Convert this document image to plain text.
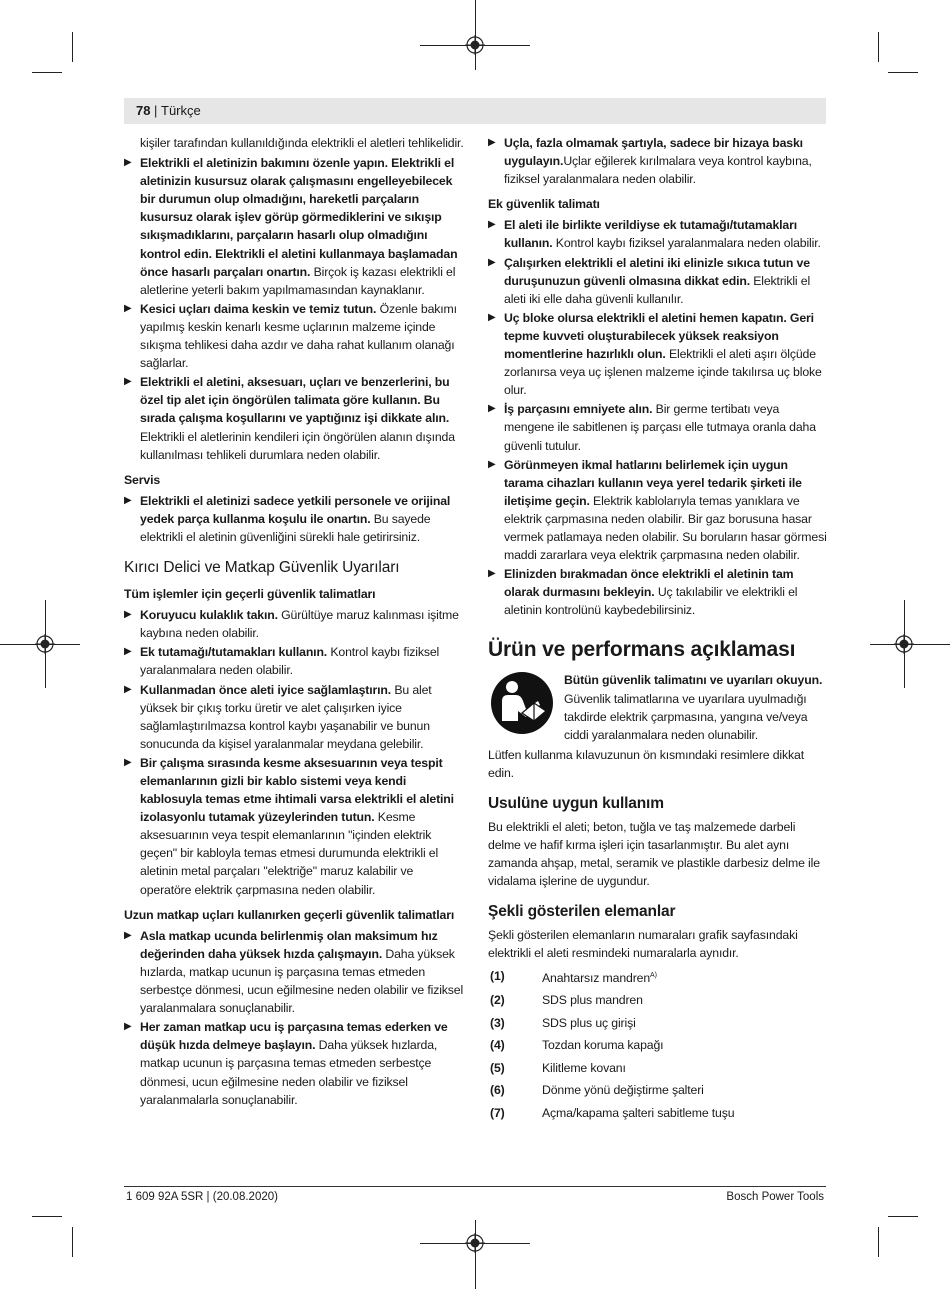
78 | Türkçe
kişiler tarafından kullanıldığında elektrikli el aletleri tehlikelidir.
▶ Elektrikli el aletinizin bakımını özenle yapın. Elektrikli el aletinizin kusursuz olarak çalışmasını engelleyebilecek bir durumun olup olmadığını, hareketli parçaların kusursuz olarak işlev görüp görmediklerini ve sıkışıp sıkışmadıklarını, parçaların hasarlı olup olmadığını kontrol edin. Elektrikli el aletini kullanmaya başlamadan önce hasarlı parçaları onartın. Birçok iş kazası elektrikli el aletlerine yeterli bakım yapılmamasından kaynaklanır.
▶ Kesici uçları daima keskin ve temiz tutun. Özenle bakımı yapılmış keskin kenarlı kesme uçlarının malzeme içinde sıkışma tehlikesi daha azdır ve daha rahat kullanım olanağı sağlarlar.
▶ Elektrikli el aletini, aksesuarı, uçları ve benzerlerini, bu özel tip alet için öngörülen talimata göre kullanın. Bu sırada çalışma koşullarını ve yaptığınız işi dikkate alın. Elektrikli el aletlerinin kendileri için öngörülen alanın dışında kullanılması tehlikeli durumlara neden olabilir.
Servis
▶ Elektrikli el aletinizi sadece yetkili personele ve orijinal yedek parça kullanma koşulu ile onartın. Bu sayede elektrikli el aletinin güvenliğini sürekli hale getirirsiniz.
Kırıcı Delici ve Matkap Güvenlik Uyarıları
Tüm işlemler için geçerli güvenlik talimatları
▶ Koruyucu kulaklık takın. Gürültüye maruz kalınması işitme kaybına neden olabilir.
▶ Ek tutamağı/tutamakları kullanın. Kontrol kaybı fiziksel yaralanmalara neden olabilir.
▶ Kullanmadan önce aleti iyice sağlamlaştırın. Bu alet yüksek bir çıkış torku üretir ve alet çalışırken iyice sağlamlaştırılmazsa kontrol kaybı yaşanabilir ve bunun sonucunda da kişisel yaralanmalar meydana gelebilir.
▶ Bir çalışma sırasında kesme aksesuarının veya tespit elemanlarının gizli bir kablo sistemi veya kendi kablosuyla temas etme ihtimali varsa elektrikli el aletini izolasyonlu tutamak yüzeylerinden tutun. Kesme aksesuarının veya tespit elemanlarının "içinden elektrik geçen" bir kabloyla temas etmesi durumunda elektrikli el aletinin metal parçaları "elektriğe" maruz kalabilir ve operatöre elektrik çarpmasına neden olabilir.
Uzun matkap uçları kullanırken geçerli güvenlik talimatları
▶ Asla matkap ucunda belirlenmiş olan maksimum hız değerinden daha yüksek hızda çalışmayın. Daha yüksek hızlarda, matkap ucunun iş parçasına temas etmeden serbestçe dönmesi, ucun eğilmesine neden olabilir ve fiziksel yaralanmalara sonuçlanabilir.
▶ Her zaman matkap ucu iş parçasına temas ederken ve düşük hızda delmeye başlayın. Daha yüksek hızlarda, matkap ucunun iş parçasına temas etmeden serbestçe dönmesi, ucun eğilmesine neden olabilir ve fiziksel yaralanmalarla sonuçlanabilir.
▶ Uçla, fazla olmamak şartıyla, sadece bir hizaya baskı uygulayın.Uçlar eğilerek kırılmalara veya kontrol kaybına, fiziksel yaralanmalara neden olabilir.
Ek güvenlik talimatı
▶ El aleti ile birlikte verildiyse ek tutamağı/tutamakları kullanın. Kontrol kaybı fiziksel yaralanmalara neden olabilir.
▶ Çalışırken elektrikli el aletini iki elinizle sıkıca tutun ve duruşunuzun güvenli olmasına dikkat edin. Elektrikli el aleti iki elle daha güvenli kullanılır.
▶ Uç bloke olursa elektrikli el aletini hemen kapatın. Geri tepme kuvveti oluşturabilecek yüksek reaksiyon momentlerine hazırlıklı olun. Elektrikli el aleti aşırı ölçüde zorlanırsa veya uç işlenen malzeme içinde takılırsa uç bloke olur.
▶ İş parçasını emniyete alın. Bir germe tertibatı veya mengene ile sabitlenen iş parçası elle tutmaya oranla daha güvenli tutulur.
▶ Görünmeyen ikmal hatlarını belirlemek için uygun tarama cihazları kullanın veya yerel tedarik şirketi ile iletişime geçin. Elektrik kablolarıyla temas yanıklara ve elektrik çarpmasına neden olabilir. Bir gaz borusuna hasar vermek patlamaya neden olabilir. Su boruların hasar görmesi maddi zararlara veya elektrik çarpmasına neden olabilir.
▶ Elinizden bırakmadan önce elektrikli el aletinin tam olarak durmasını bekleyin. Uç takılabilir ve elektrikli el aletinin kontrolünü kaybedebilirsiniz.
Ürün ve performans açıklaması
Bütün güvenlik talimatını ve uyarıları okuyun. Güvenlik talimatlarına ve uyarılara uyulmadığı takdirde elektrik çarpmasına, yangına ve/veya ciddi yaralanmalara neden olunabilir.
Lütfen kullanma kılavuzunun ön kısmındaki resimlere dikkat edin.
Usulüne uygun kullanım
Bu elektrikli el aleti; beton, tuğla ve taş malzemede darbeli delme ve hafif kırma işleri için tasarlanmıştır. Bu alet aynı zamanda ahşap, metal, seramik ve plastikle darbesiz delme ile vidalama işlerine de uygundur.
Şekli gösterilen elemanlar
Şekli gösterilen elemanların numaraları grafik sayfasındaki elektrikli el aleti resmindeki numaralarla aynıdır.
(1)	Anahtarsız mandren$^{A)}$
(2)	SDS plus mandren
(3)	SDS plus uç girişi
(4)	Tozdan koruma kapağı
(5)	Kilitleme kovanı
(6)	Dönme yönü değiştirme şalteri
(7)	Açma/kapama şalteri sabitleme tuşu
1 609 92A 5SR | (20.08.2020)	Bosch Power Tools
